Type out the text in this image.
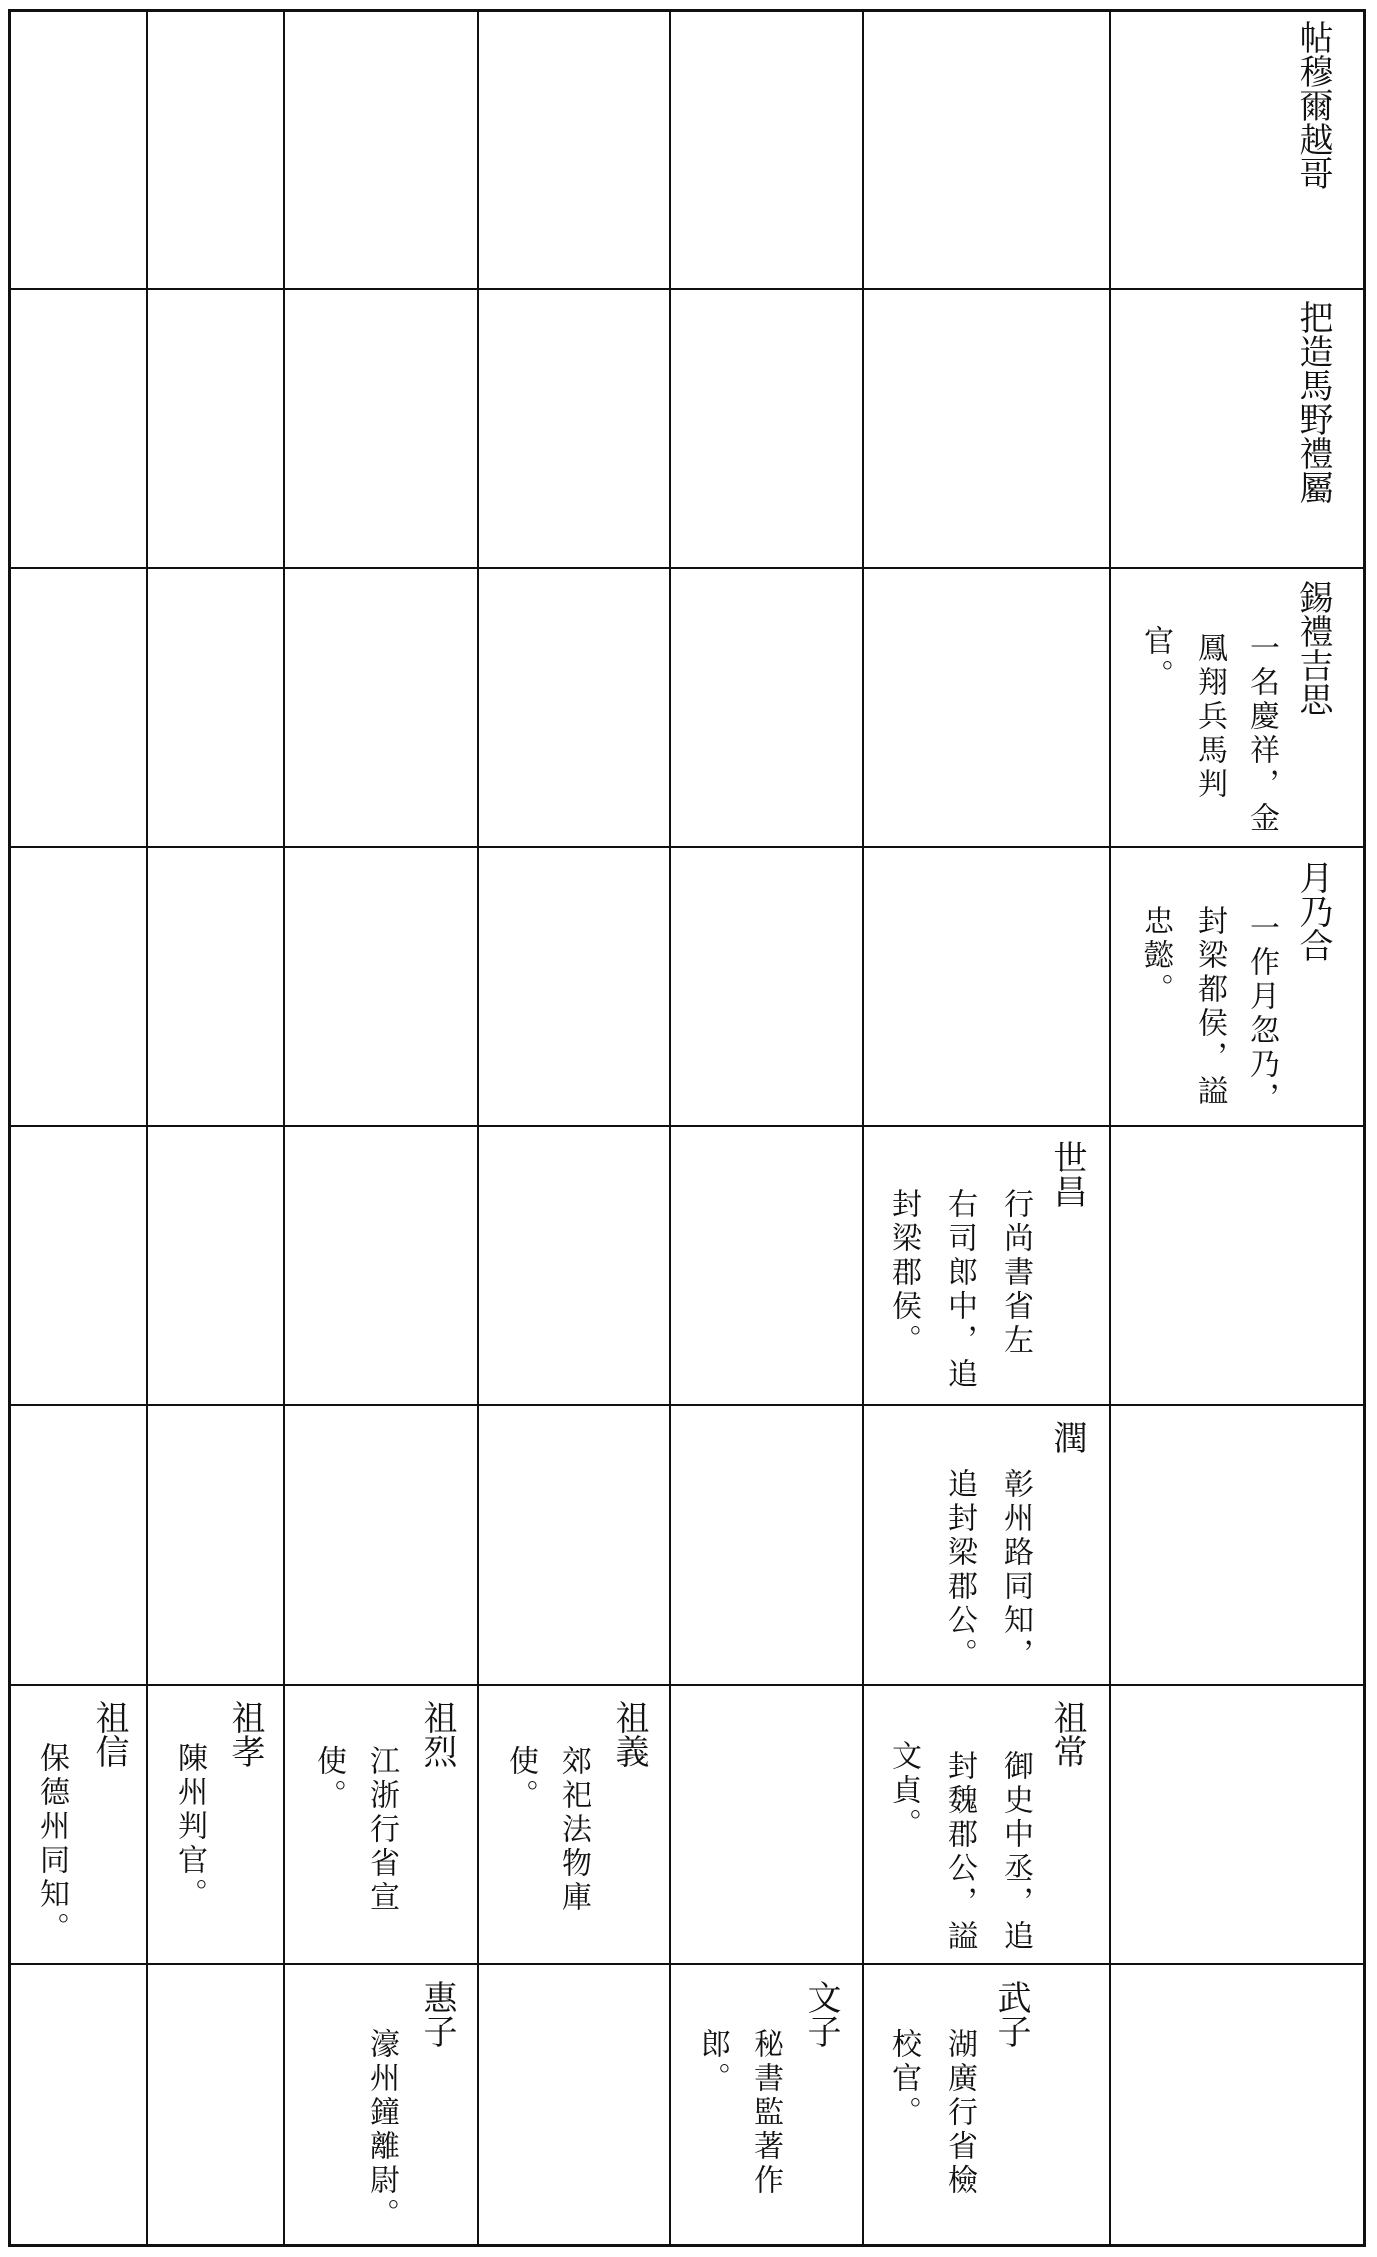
帖穆爾越哥
把造馬野禮屬
錫禮吉思
一名慶祥，金
鳳翔兵馬判
官。
月乃合
一作月忽乃，
封梁都侯，謚
忠懿。
世昌
行尚書省左
右司郎中，追
封梁郡侯。
潤
彰州路同知，
追封梁郡公。
祖常
御史中丞，追
封魏郡公，謚
文貞。
祖義
郊祀法物庫
使。
祖烈
江浙行省宣
使。
祖孝
陳州判官。
祖信
保德州同知。
武子
湖廣行省檢
校官。
文子
秘書監著作
郎。
惠子
濠州鐘離尉。
